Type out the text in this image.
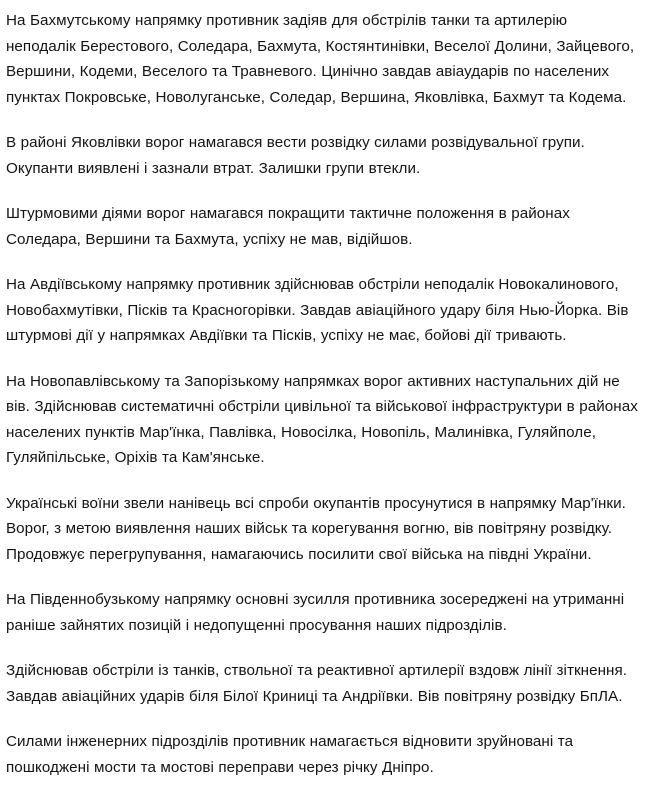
На Бахмутському напрямку противник задіяв для обстрілів танки та артилерію неподалік Берестового, Соледара, Бахмута, Костянтинівки, Веселої Долини, Зайцевого, Вершини, Кодеми, Веселого та Травневого. Цинічно завдав авіаударів по населених пунктах Покровське, Новолуганське, Соледар, Вершина, Яковлівка, Бахмут та Кодема.

В районі Яковлівки ворог намагався вести розвідку силами розвідувальної групи. Окупанти виявлені і зазнали втрат. Залишки групи втекли.

Штурмовими діями ворог намагався покращити тактичне положення в районах Соледара, Вершини та Бахмута, успіху не мав, відійшов.

На Авдіївському напрямку противник здійснював обстріли неподалік Новокалинового, Новобахмутівки, Пісків та Красногорівки. Завдав авіаційного удару біля Нью-Йорка. Вів штурмові дії у напрямках Авдіївки та Пісків, успіху не має, бойові дії тривають.

На Новопавлівському та Запорізькому напрямках ворог активних наступальних дій не вів. Здійснював систематичні обстріли цивільної та військової інфраструктури в районах населених пунктів Мар'їнка, Павлівка, Новосілка, Новопіль, Малинівка, Гуляйполе, Гуляйпільське, Оріхів та Кам'янське.

Українські воїни звели нанівець всі спроби окупантів просунутися в напрямку Мар'їнки. Ворог, з метою виявлення наших військ та корегування вогню, вів повітряну розвідку. Продовжує перегрупування, намагаючись посилити свої війська на півдні України.

На Південнобузькому напрямку основні зусилля противника зосереджені на утриманні раніше зайнятих позицій і недопущенні просування наших підрозділів.

Здійснював обстріли із танків, ствольної та реактивної артилерії вздовж лінії зіткнення. Завдав авіаційних ударів біля Білої Криниці та Андріївки. Вів повітряну розвідку БпЛА.

Силами інженерних підрозділів противник намагається відновити зруйновані та пошкоджені мости та мостові переправи через річку Дніпро.
